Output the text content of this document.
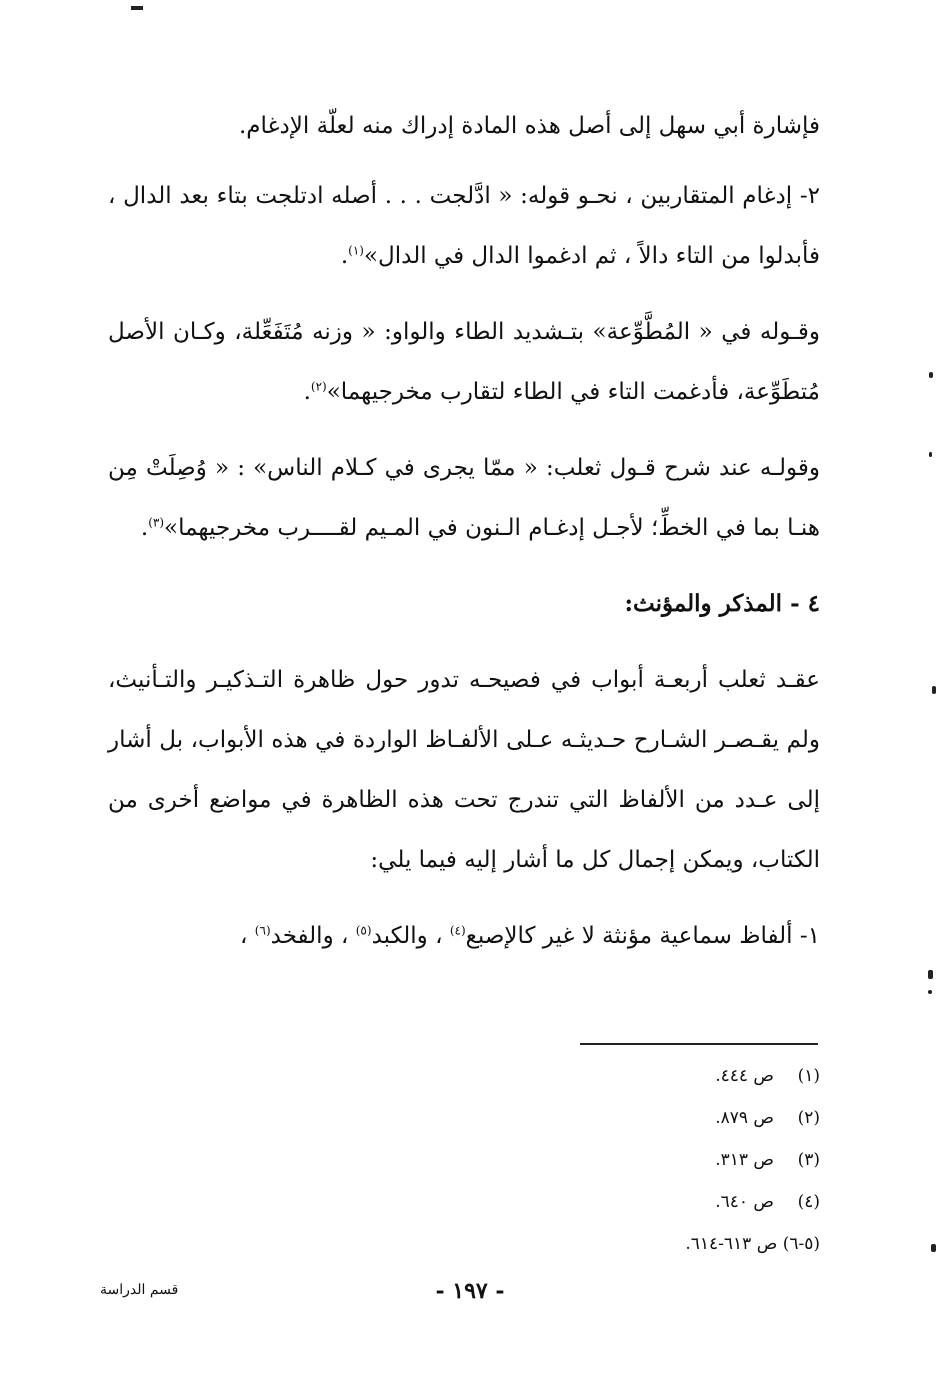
فإشارة أبي سهل إلى أصل هذه المادة إدراك منه لعلّة الإدغام.

٢- إدغام المتقاربين ، نحـو قوله: « ادَّلجت . . . أصله ادتلجت بتاء بعد الدال ، فأبدلوا من التاء دالاً ، ثم ادغموا الدال في الدال»$^{(١)}$.

وقـوله في « المُطَّوِّعة» بتـشديد الطاء والواو: « وزنه مُتَفَعِّلة، وكـان الأصل مُتطَوِّعة، فأدغمت التاء في الطاء لتقارب مخرجيهما»$^{(٢)}$.

وقولـه عند شرح قـول ثعلب: « ممّا يجرى في كـلام الناس» : « وُصِلَتْ مِن هنـا بما في الخطِّ؛ لأجـل إدغـام الـنون في المـيم لقــــرب مخرجيهما»$^{(٣)}$.

٤ - المذكر والمؤنث:

عقـد ثعلب أربعـة أبواب في فصيحـه تدور حول ظاهرة التـذكيـر والتـأنيث، ولم يقـصـر الشـارح حـديثـه عـلى الألفـاظ الواردة في هذه الأبواب، بل أشار إلى عـدد من الألفاظ التي تندرج تحت هذه الظاهرة في مواضع أخرى من الكتاب، ويمكن إجمال كل ما أشار إليه فيما يلي:

١- ألفاظ سماعية مؤنثة لا غير كالإصبع$^{(٤)}$ ، والكبد$^{(٥)}$ ، والفخد$^{(٦)}$ ،

(١)ص ٤٤٤.
(٢)ص ٨٧٩.
(٣)ص ٣١٣.
(٤)ص ٦٤٠.
(٥-٦) ص ٦١٣-٦١٤.
- ١٩٧ -
قسم الدراسة
